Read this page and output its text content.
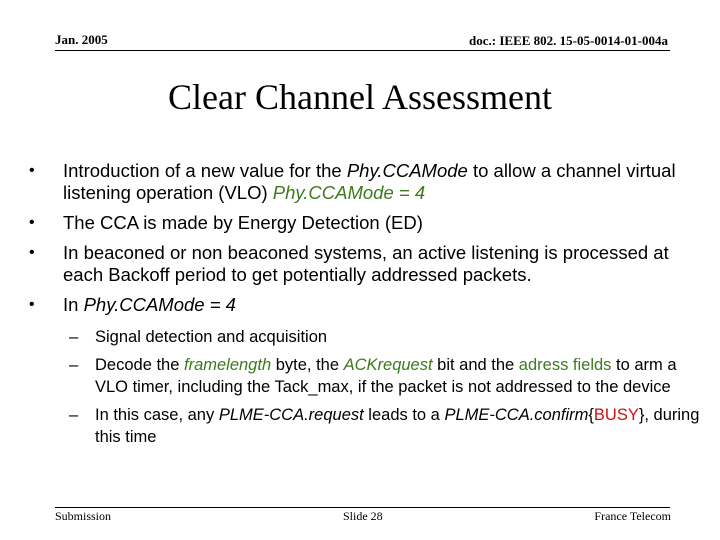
Jan. 2005	doc.: IEEE 802. 15-05-0014-01-004a
Clear Channel Assessment
• Introduction of a new value for the Phy.CCAMode to allow a channel virtual listening operation (VLO) Phy.CCAMode = 4
• The CCA is made by Energy Detection (ED)
• In beaconed or non beaconed systems, an active listening is processed at each Backoff period to get potentially addressed packets.
• In Phy.CCAMode = 4
– Signal detection and acquisition
– Decode the framelength byte, the ACKrequest bit and the adress fields to arm a VLO timer, including the Tack_max, if the packet is not addressed to the device
– In this case, any PLME-CCA.request leads to a PLME-CCA.confirm{BUSY}, during this time
Submission	Slide 28	France Telecom
